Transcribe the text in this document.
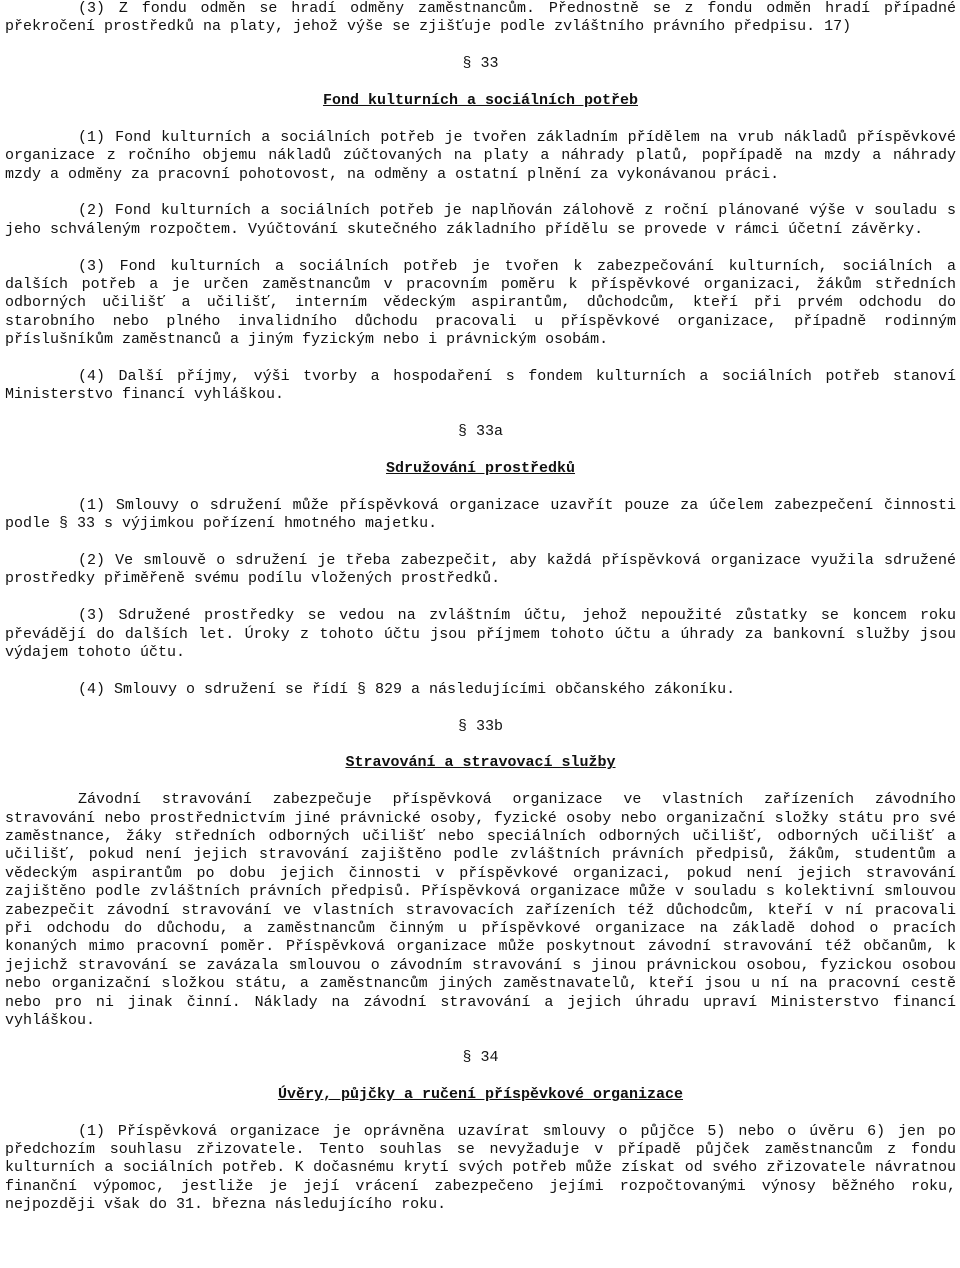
(3) Z fondu odměn se hradí odměny zaměstnancům. Přednostně se z fondu odměn hradí případné překročení prostředků na platy, jehož výše se zjišťuje podle zvláštního právního předpisu. 17)

§ 33

Fond kulturních a sociálních potřeb

(1) Fond kulturních a sociálních potřeb je tvořen základním přídělem na vrub nákladů příspěvkové organizace z ročního objemu nákladů zúčtovaných na platy a náhrady platů, popřípadě na mzdy a náhrady mzdy a odměny za pracovní pohotovost, na odměny a ostatní plnění za vykonávanou práci.

(2) Fond kulturních a sociálních potřeb je naplňován zálohově z roční plánované výše v souladu s jeho schváleným rozpočtem. Vyúčtování skutečného základního přídělu se provede v rámci účetní závěrky.

(3) Fond kulturních a sociálních potřeb je tvořen k zabezpečování kulturních, sociálních a dalších potřeb a je určen zaměstnancům v pracovním poměru k příspěvkové organizaci, žákům středních odborných učilišť a učilišť, interním vědeckým aspirantům, důchodcům, kteří při prvém odchodu do starobního nebo plného invalidního důchodu pracovali u příspěvkové organizace, případně rodinným příslušníkům zaměstnanců a jiným fyzickým nebo i právnickým osobám.

(4) Další příjmy, výši tvorby a hospodaření s fondem kulturních a sociálních potřeb stanoví Ministerstvo financí vyhláškou.

§ 33a

Sdružování prostředků

(1) Smlouvy o sdružení může příspěvková organizace uzavřít pouze za účelem zabezpečení činnosti podle § 33 s výjimkou pořízení hmotného majetku.

(2) Ve smlouvě o sdružení je třeba zabezpečit, aby každá příspěvková organizace využila sdružené prostředky přiměřeně svému podílu vložených prostředků.

(3) Sdružené prostředky se vedou na zvláštním účtu, jehož nepoužité zůstatky se koncem roku převádějí do dalších let. Úroky z tohoto účtu jsou příjmem tohoto účtu a úhrady za bankovní služby jsou výdajem tohoto účtu.

(4) Smlouvy o sdružení se řídí § 829 a následujícími občanského zákoníku.

§ 33b

Stravování a stravovací služby

Závodní stravování zabezpečuje příspěvková organizace ve vlastních zařízeních závodního stravování nebo prostřednictvím jiné právnické osoby, fyzické osoby nebo organizační složky státu pro své zaměstnance, žáky středních odborných učilišť nebo speciálních odborných učilišť, odborných učilišť a učilišť, pokud není jejich stravování zajištěno podle zvláštních právních předpisů, žákům, studentům a vědeckým aspirantům po dobu jejich činnosti v příspěvkové organizaci, pokud není jejich stravování zajištěno podle zvláštních právních předpisů. Příspěvková organizace může v souladu s kolektivní smlouvou zabezpečit závodní stravování ve vlastních stravovacích zařízeních též důchodcům, kteří v ní pracovali při odchodu do důchodu, a zaměstnancům činným u příspěvkové organizace na základě dohod o pracích konaných mimo pracovní poměr. Příspěvková organizace může poskytnout závodní stravování též občanům, k jejichž stravování se zavázala smlouvou o závodním stravování s jinou právnickou osobou, fyzickou osobou nebo organizační složkou státu, a zaměstnancům jiných zaměstnavatelů, kteří jsou u ní na pracovní cestě nebo pro ni jinak činní. Náklady na závodní stravování a jejich úhradu upraví Ministerstvo financí vyhláškou.

§ 34

Úvěry, půjčky a ručení příspěvkové organizace

(1) Příspěvková organizace je oprávněna uzavírat smlouvy o půjčce 5) nebo o úvěru 6) jen po předchozím souhlasu zřizovatele. Tento souhlas se nevyžaduje v případě půjček zaměstnancům z fondu kulturních a sociálních potřeb. K dočasnému krytí svých potřeb může získat od svého zřizovatele návratnou finanční výpomoc, jestliže je její vrácení zabezpečeno jejími rozpočtovanými výnosy běžného roku, nejpozději však do 31. března následujícího roku.
